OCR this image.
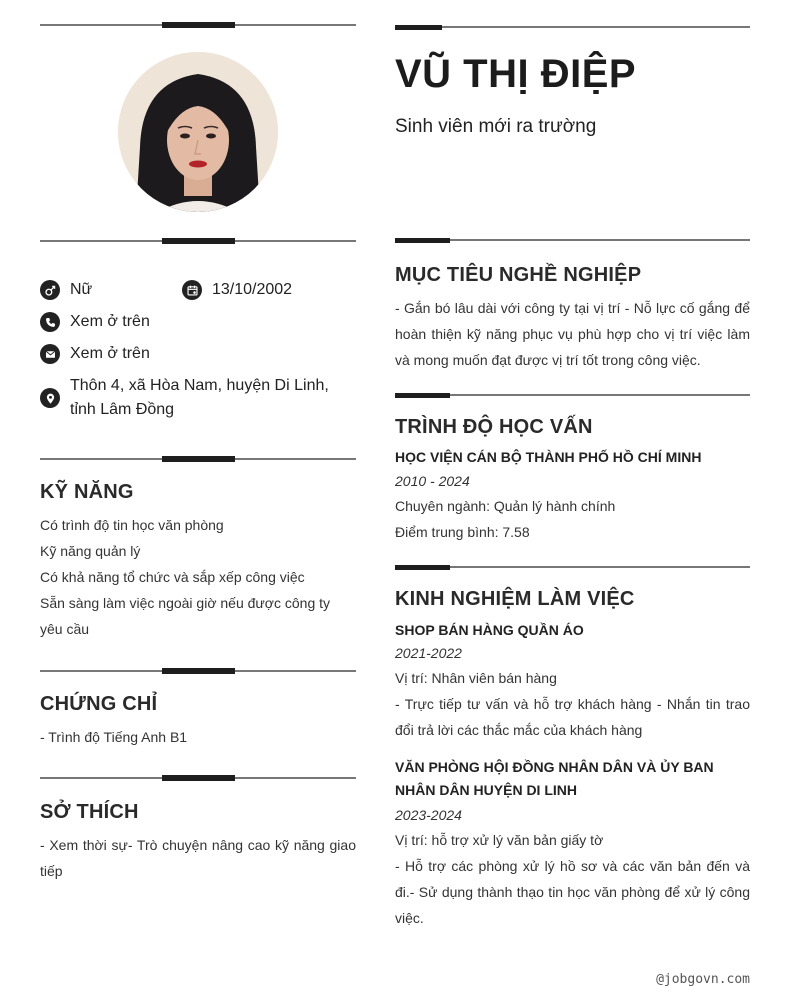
Nữ	13/10/2002
Xem ở trên
Xem ở trên
Thôn 4, xã Hòa Nam, huyện Di Linh, tỉnh Lâm Đồng
KỸ NĂNG
Có trình độ tin học văn phòng
Kỹ năng quản lý
Có khả năng tổ chức và sắp xếp công việc
Sẵn sàng làm việc ngoài giờ nếu được công ty yêu cầu
CHỨNG CHỈ
- Trình độ Tiếng Anh B1
SỞ THÍCH
- Xem thời sự- Trò chuyện nâng cao kỹ năng giao tiếp
VŨ THỊ ĐIỆP
Sinh viên mới ra trường
MỤC TIÊU NGHỀ NGHIỆP
- Gắn bó lâu dài với công ty tại vị trí - Nỗ lực cố gắng để hoàn thiện kỹ năng phục vụ phù hợp cho vị trí việc làm và mong muốn đạt được vị trí tốt trong công việc.
TRÌNH ĐỘ HỌC VẤN
HỌC VIỆN CÁN BỘ THÀNH PHỐ HỒ CHÍ MINH
2010 - 2024
Chuyên ngành: Quản lý hành chính
Điểm trung bình: 7.58
KINH NGHIỆM LÀM VIỆC
SHOP BÁN HÀNG QUẦN ÁO
2021-2022
Vị trí: Nhân viên bán hàng
- Trực tiếp tư vấn và hỗ trợ khách hàng - Nhắn tin trao đổi trả lời các thắc mắc của khách hàng
VĂN PHÒNG HỘI ĐỒNG NHÂN DÂN VÀ ỦY BAN NHÂN DÂN HUYỆN DI LINH
2023-2024
Vị trí: hỗ trợ xử lý văn bản giấy tờ
- Hỗ trợ các phòng xử lý hồ sơ và các văn bản đến và đi.- Sử dụng thành thạo tin học văn phòng để xử lý công việc.
@jobgovn.com
